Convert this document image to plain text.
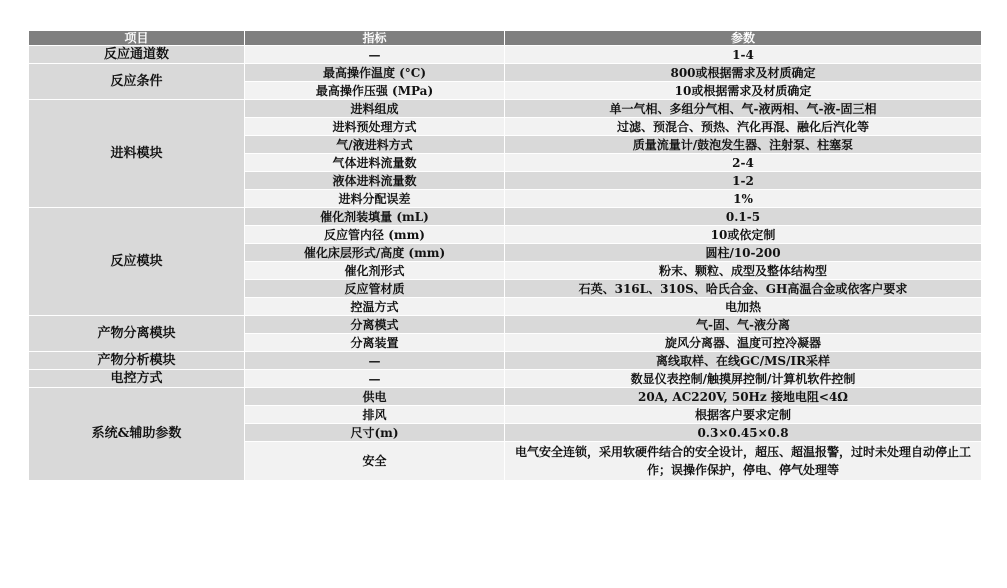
项目	指标	参数
反应通道数	—	1-4
反应条件	最高操作温度 (°C)	800或根据需求及材质确定
	最高操作压强 (MPa)	10或根据需求及材质确定
进料模块	进料组成	单一气相、多组分气相、气-液两相、气-液-固三相
	进料预处理方式	过滤、预混合、预热、汽化再混、融化后汽化等
	气/液进料方式	质量流量计/鼓泡发生器、注射泵、柱塞泵
	气体进料流量数	2-4
	液体进料流量数	1-2
	进料分配误差	1%
反应模块	催化剂装填量 (mL)	0.1-5
	反应管内径 (mm)	10或依定制
	催化床层形式/高度 (mm)	圆柱/10-200
	催化剂形式	粉末、颗粒、成型及整体结构型
	反应管材质	石英、316L、310S、哈氏合金、GH高温合金或依客户要求
	控温方式	电加热
产物分离模块	分离模式	气-固、气-液分离
	分离装置	旋风分离器、温度可控冷凝器
产物分析模块	—	离线取样、在线GC/MS/IR采样
电控方式	—	数显仪表控制/触摸屏控制/计算机软件控制
系统&辅助参数	供电	20A, AC220V, 50Hz 接地电阻<4Ω
	排风	根据客户要求定制
	尺寸(m)	0.3×0.45×0.8
	安全	电气安全连锁，采用软硬件结合的安全设计，超压、超温报警，过时未处理自动停止工作；误操作保护，停电、停气处理等
